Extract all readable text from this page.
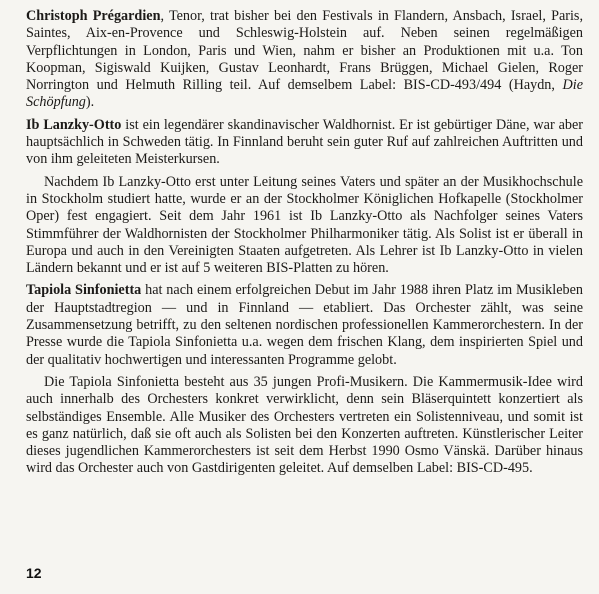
Christoph Prégardien, Tenor, trat bisher bei den Festivals in Flandern, Ansbach, Israel, Paris, Saintes, Aix-en-Provence und Schleswig-Holstein auf. Neben seinen regelmäßigen Verpflichtungen in London, Paris und Wien, nahm er bisher an Produktionen mit u.a. Ton Koopman, Sigiswald Kuijken, Gustav Leonhardt, Frans Brüggen, Michael Gielen, Roger Norrington und Helmuth Rilling teil. Auf demselbem Label: BIS-CD-493/494 (Haydn, Die Schöpfung).

Ib Lanzky-Otto ist ein legendärer skandinavischer Waldhornist. Er ist gebürtiger Däne, war aber hauptsächlich in Schweden tätig. In Finnland beruht sein guter Ruf auf zahlreichen Auftritten und von ihm geleiteten Meisterkursen.

Nachdem Ib Lanzky-Otto erst unter Leitung seines Vaters und später an der Musikhochschule in Stockholm studiert hatte, wurde er an der Stockholmer Königlichen Hofkapelle (Stockholmer Oper) fest engagiert. Seit dem Jahr 1961 ist Ib Lanzky-Otto als Nachfolger seines Vaters Stimmführer der Waldhornisten der Stockholmer Philharmoniker tätig. Als Solist ist er überall in Europa und auch in den Vereinigten Staaten aufgetreten. Als Lehrer ist Ib Lanzky-Otto in vielen Ländern bekannt und er ist auf 5 weiteren BIS-Platten zu hören.

Tapiola Sinfonietta hat nach einem erfolgreichen Debut im Jahr 1988 ihren Platz im Musikleben der Hauptstadtregion — und in Finnland — etabliert. Das Orchester zählt, was seine Zusammensetzung betrifft, zu den seltenen nordischen professionellen Kammerorchestern. In der Presse wurde die Tapiola Sinfonietta u.a. wegen dem frischen Klang, dem inspirierten Spiel und der qualitativ hochwertigen und interessanten Programme gelobt.

Die Tapiola Sinfonietta besteht aus 35 jungen Profi-Musikern. Die Kammermusik-Idee wird auch innerhalb des Orchesters konkret verwirklicht, denn sein Bläserquintett konzertiert als selbständiges Ensemble. Alle Musiker des Orchesters vertreten ein Solistenniveau, und somit ist es ganz natürlich, daß sie oft auch als Solisten bei den Konzerten auftreten. Künstlerischer Leiter dieses jugendlichen Kammerorchesters ist seit dem Herbst 1990 Osmo Vänskä. Darüber hinaus wird das Orchester auch von Gastdirigenten geleitet. Auf demselben Label: BIS-CD-495.

12
